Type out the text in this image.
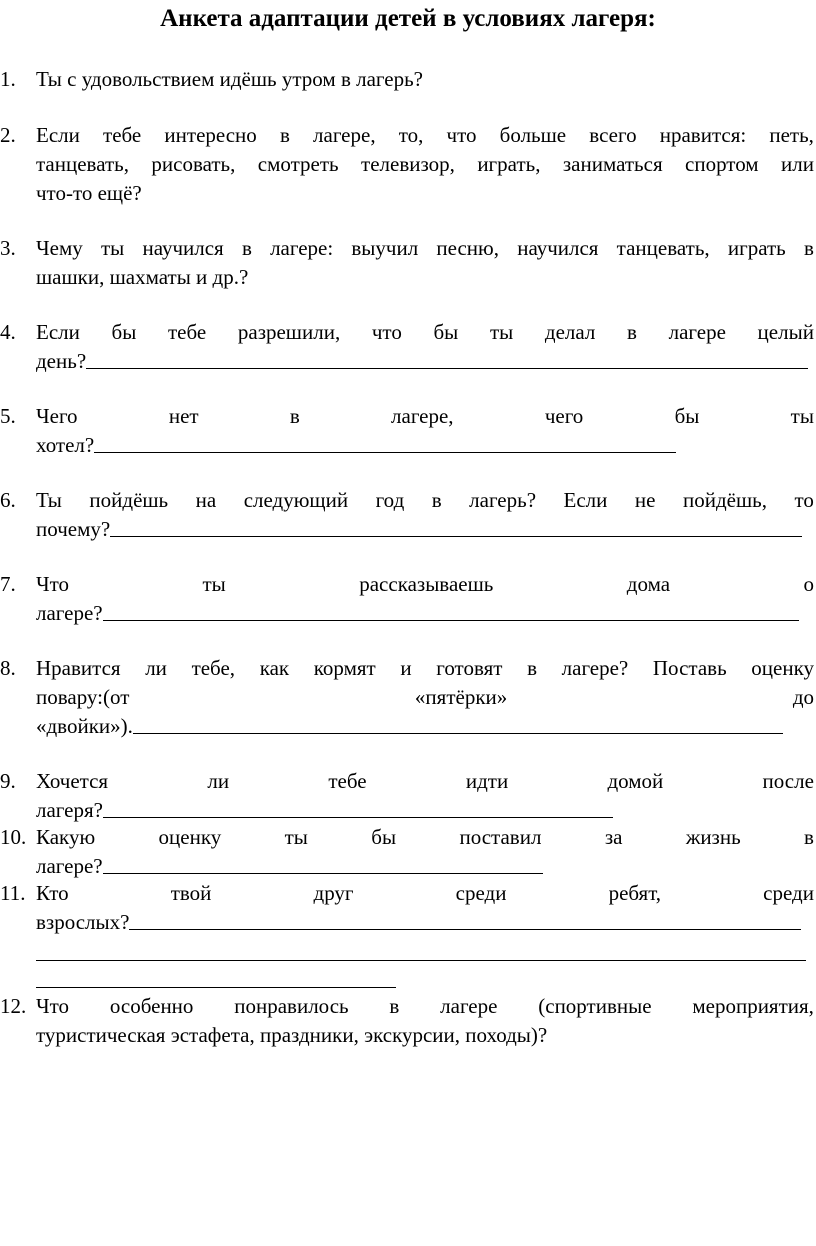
Анкета адаптации детей в условиях лагеря:
1. Ты с удовольствием идёшь утром в лагерь?
2. Если тебе интересно в лагере, то, что больше всего нравится: петь,
танцевать, рисовать, смотреть телевизор, играть, заниматься спортом или
что-то ещё?
3. Чему ты научился в лагере: выучил песню, научился танцевать, играть в
шашки, шахматы и др.?
4. Если бы тебе разрешили, что бы ты делал в лагере целый
день?
5. Чего	нет	в	лагере,	чего	бы	ты
хотел?
6. Ты пойдёшь на следующий год в лагерь? Если не пойдёшь, то
почему?
7. Что	ты	рассказываешь	дома	о
лагере?
8. Нравится ли тебе, как кормят и готовят в лагере? Поставь оценку
повару:(от	«пятёрки»	до
«двойки»).
9. Хочется	ли	тебе	идти	домой	после
лагеря?
10. Какую	оценку	ты	бы	поставил	за	жизнь	в
лагере?
11. Кто	твой	друг	среди	ребят,	среди
взрослых?
12. Что особенно понравилось в лагере (спортивные мероприятия,
туристическая эстафета, праздники, экскурсии, походы)?
